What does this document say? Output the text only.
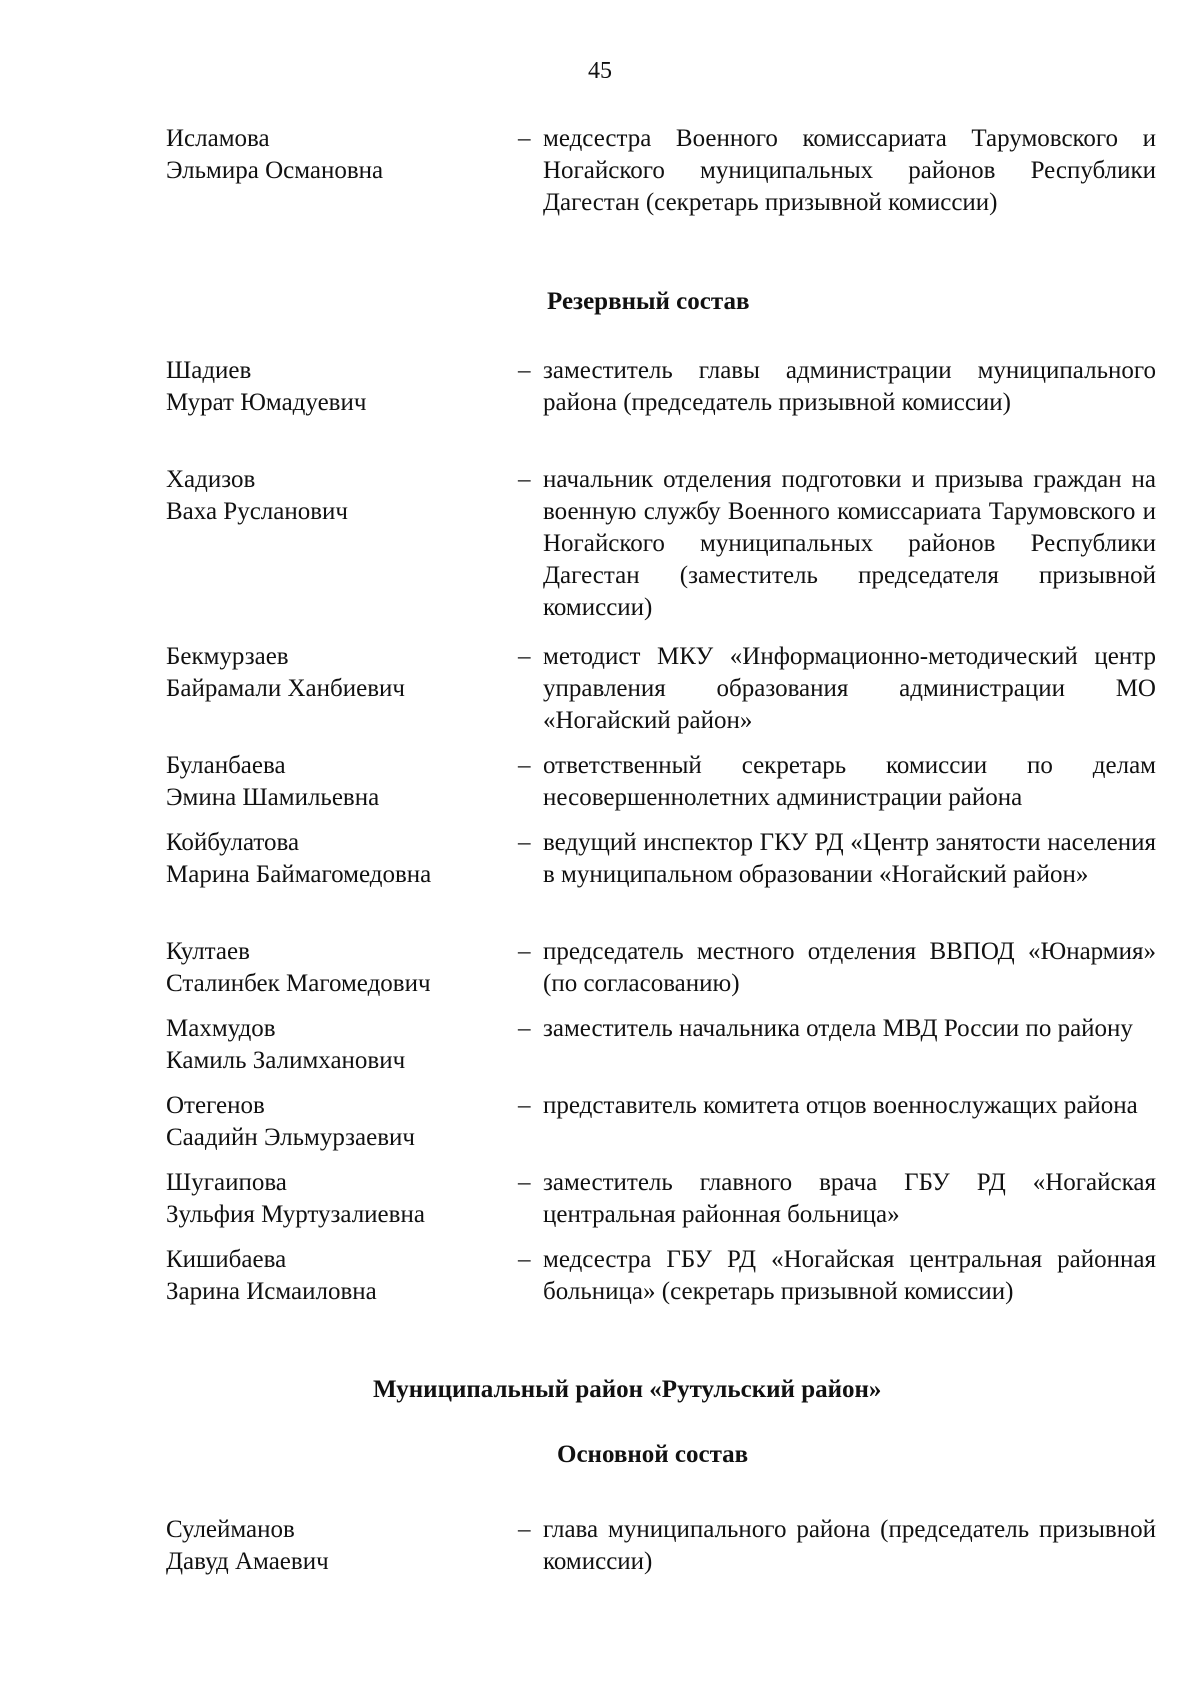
45
Исламова
Эльмира Османовна
– медсестра Военного комиссариата Тарумовского и Ногайского муниципальных районов Республики Дагестан (секретарь призывной комиссии)
Резервный состав
Шадиев
Мурат Юмадуевич
– заместитель главы администрации муниципального района (председатель призывной комиссии)
Хадизов
Ваха Русланович
– начальник отделения подготовки и призыва граждан на военную службу Военного комиссариата Тарумовского и Ногайского муниципальных районов Республики Дагестан (заместитель председателя призывной комиссии)
Бекмурзаев
Байрамали Ханбиевич
– методист МКУ «Информационно-методический центр управления образования администрации МО «Ногайский район»
Буланбаева
Эмина Шамильевна
– ответственный секретарь комиссии по делам несовершеннолетних администрации района
Койбулатова
Марина Баймагомедовна
– ведущий инспектор ГКУ РД «Центр занятости населения в муниципальном образовании «Ногайский район»
Култаев
Сталинбек Магомедович
– председатель местного отделения ВВПОД «Юнармия» (по согласованию)
Махмудов
Камиль Залимханович
– заместитель начальника отдела МВД России по району
Отегенов
Саадийн Эльмурзаевич
– представитель комитета отцов военнослужащих района
Шугаипова
Зульфия Муртузалиевна
– заместитель главного врача ГБУ РД «Ногайская центральная районная больница»
Кишибаева
Зарина Исмаиловна
– медсестра ГБУ РД «Ногайская центральная районная больница» (секретарь призывной комиссии)
Муниципальный район «Рутульский район»
Основной состав
Сулейманов
Давуд Амаевич
– глава муниципального района (председатель призывной комиссии)
